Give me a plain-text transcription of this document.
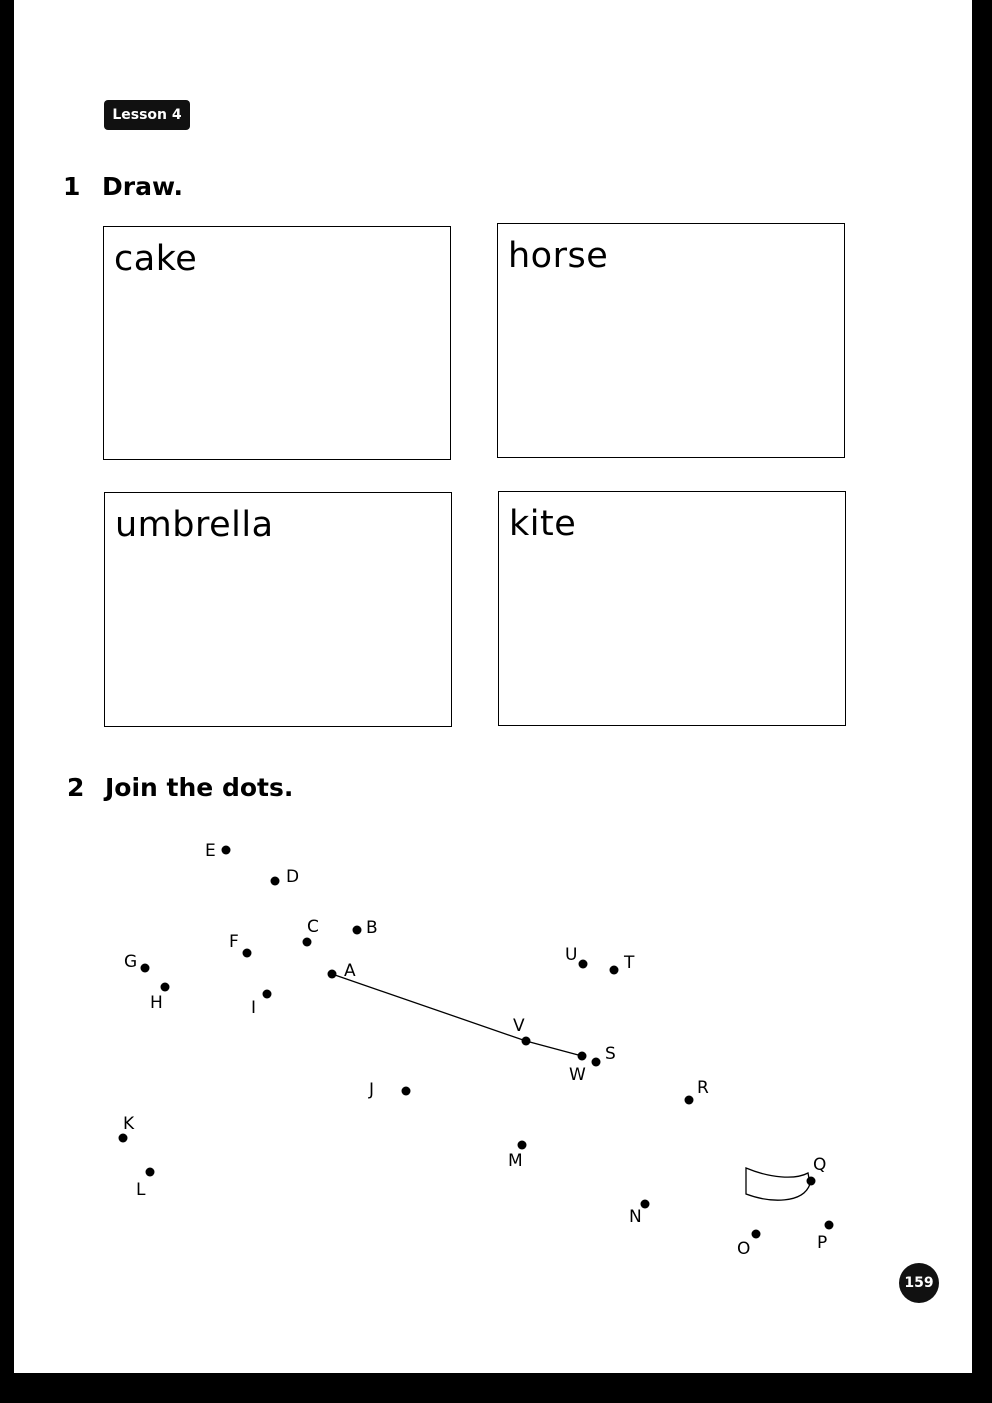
Lesson 4
1 Draw.
cake	horse
umbrella	kite
2 Join the dots.
A
B
C
D
E
F
G
H	I
J
K
L
M
N
O	P
Q
R
S
T
U
V
W
159
